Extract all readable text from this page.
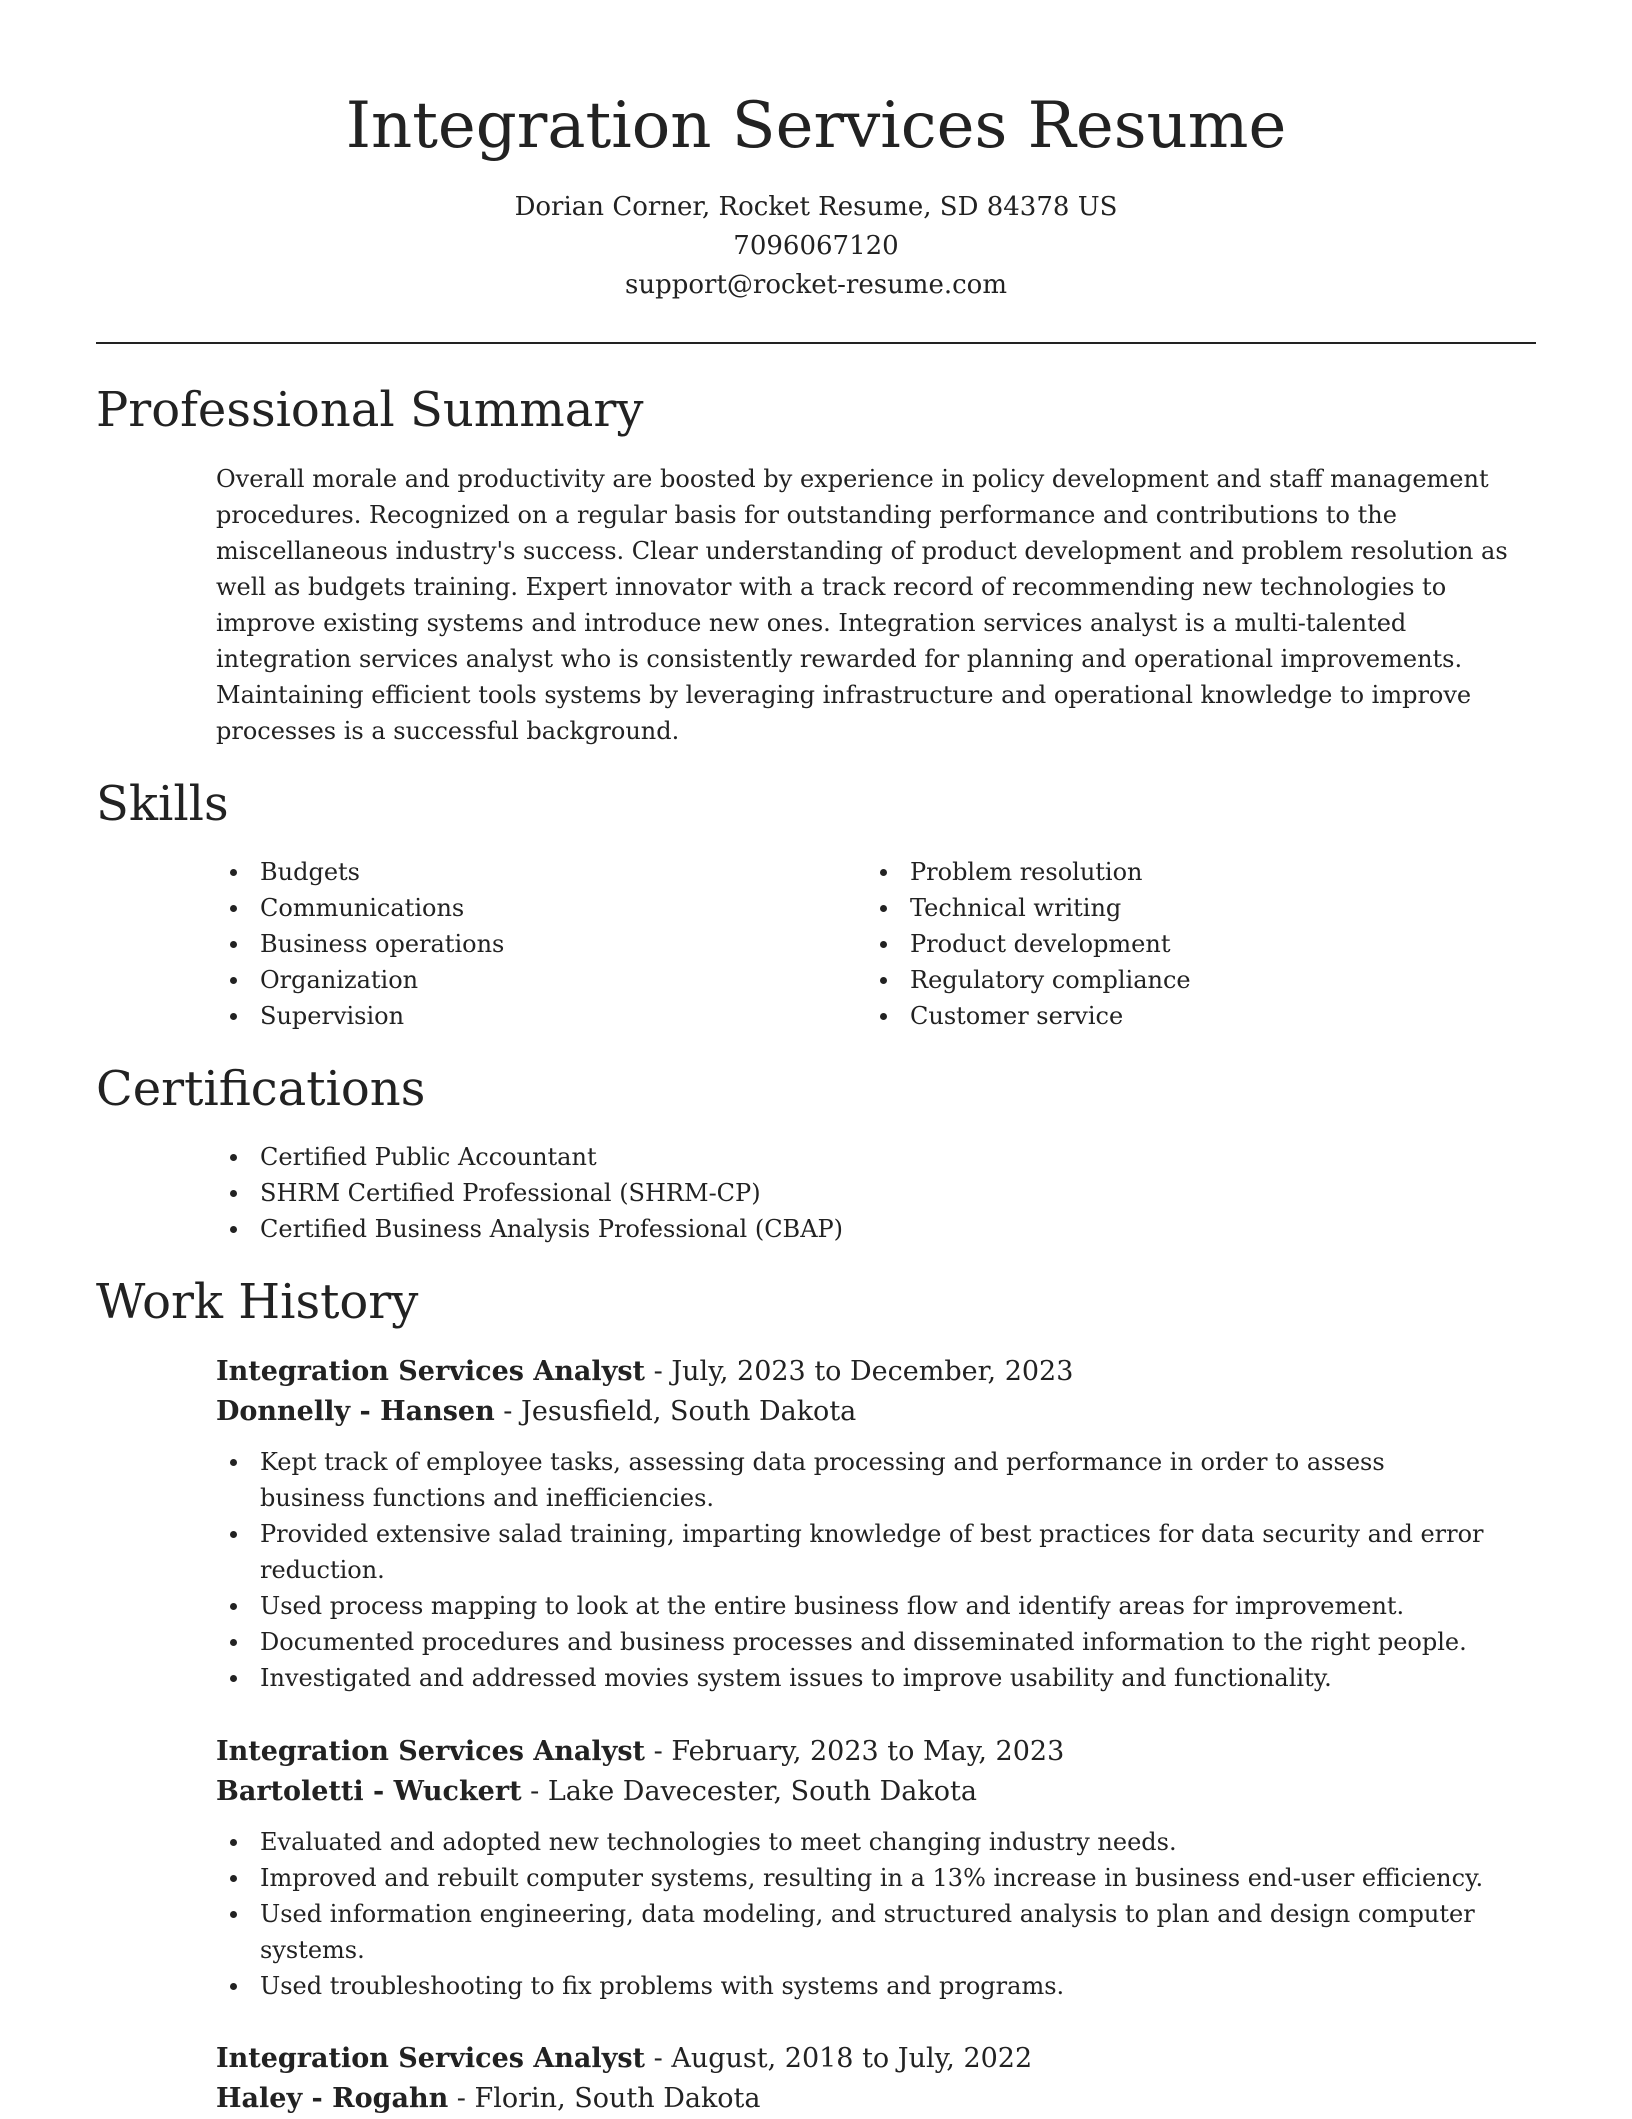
Integration Services Resume
Dorian Corner, Rocket Resume, SD 84378 US
7096067120
support@rocket-resume.com
Professional Summary
Overall morale and productivity are boosted by experience in policy development and staff management procedures. Recognized on a regular basis for outstanding performance and contributions to the miscellaneous industry's success. Clear understanding of product development and problem resolution as well as budgets training. Expert innovator with a track record of recommending new technologies to improve existing systems and introduce new ones. Integration services analyst is a multi-talented integration services analyst who is consistently rewarded for planning and operational improvements. Maintaining efficient tools systems by leveraging infrastructure and operational knowledge to improve processes is a successful background.
Skills
Budgets
Communications
Business operations
Organization
Supervision
Problem resolution
Technical writing
Product development
Regulatory compliance
Customer service
Certifications
Certified Public Accountant
SHRM Certified Professional (SHRM-CP)
Certified Business Analysis Professional (CBAP)
Work History
Integration Services Analyst - July, 2023 to December, 2023
Donnelly - Hansen - Jesusfield, South Dakota
Kept track of employee tasks, assessing data processing and performance in order to assess business functions and inefficiencies.
Provided extensive salad training, imparting knowledge of best practices for data security and error reduction.
Used process mapping to look at the entire business flow and identify areas for improvement.
Documented procedures and business processes and disseminated information to the right people.
Investigated and addressed movies system issues to improve usability and functionality.
Integration Services Analyst - February, 2023 to May, 2023
Bartoletti - Wuckert - Lake Davecester, South Dakota
Evaluated and adopted new technologies to meet changing industry needs.
Improved and rebuilt computer systems, resulting in a 13% increase in business end-user efficiency.
Used information engineering, data modeling, and structured analysis to plan and design computer systems.
Used troubleshooting to fix problems with systems and programs.
Integration Services Analyst - August, 2018 to July, 2022
Haley - Rogahn - Florin, South Dakota
